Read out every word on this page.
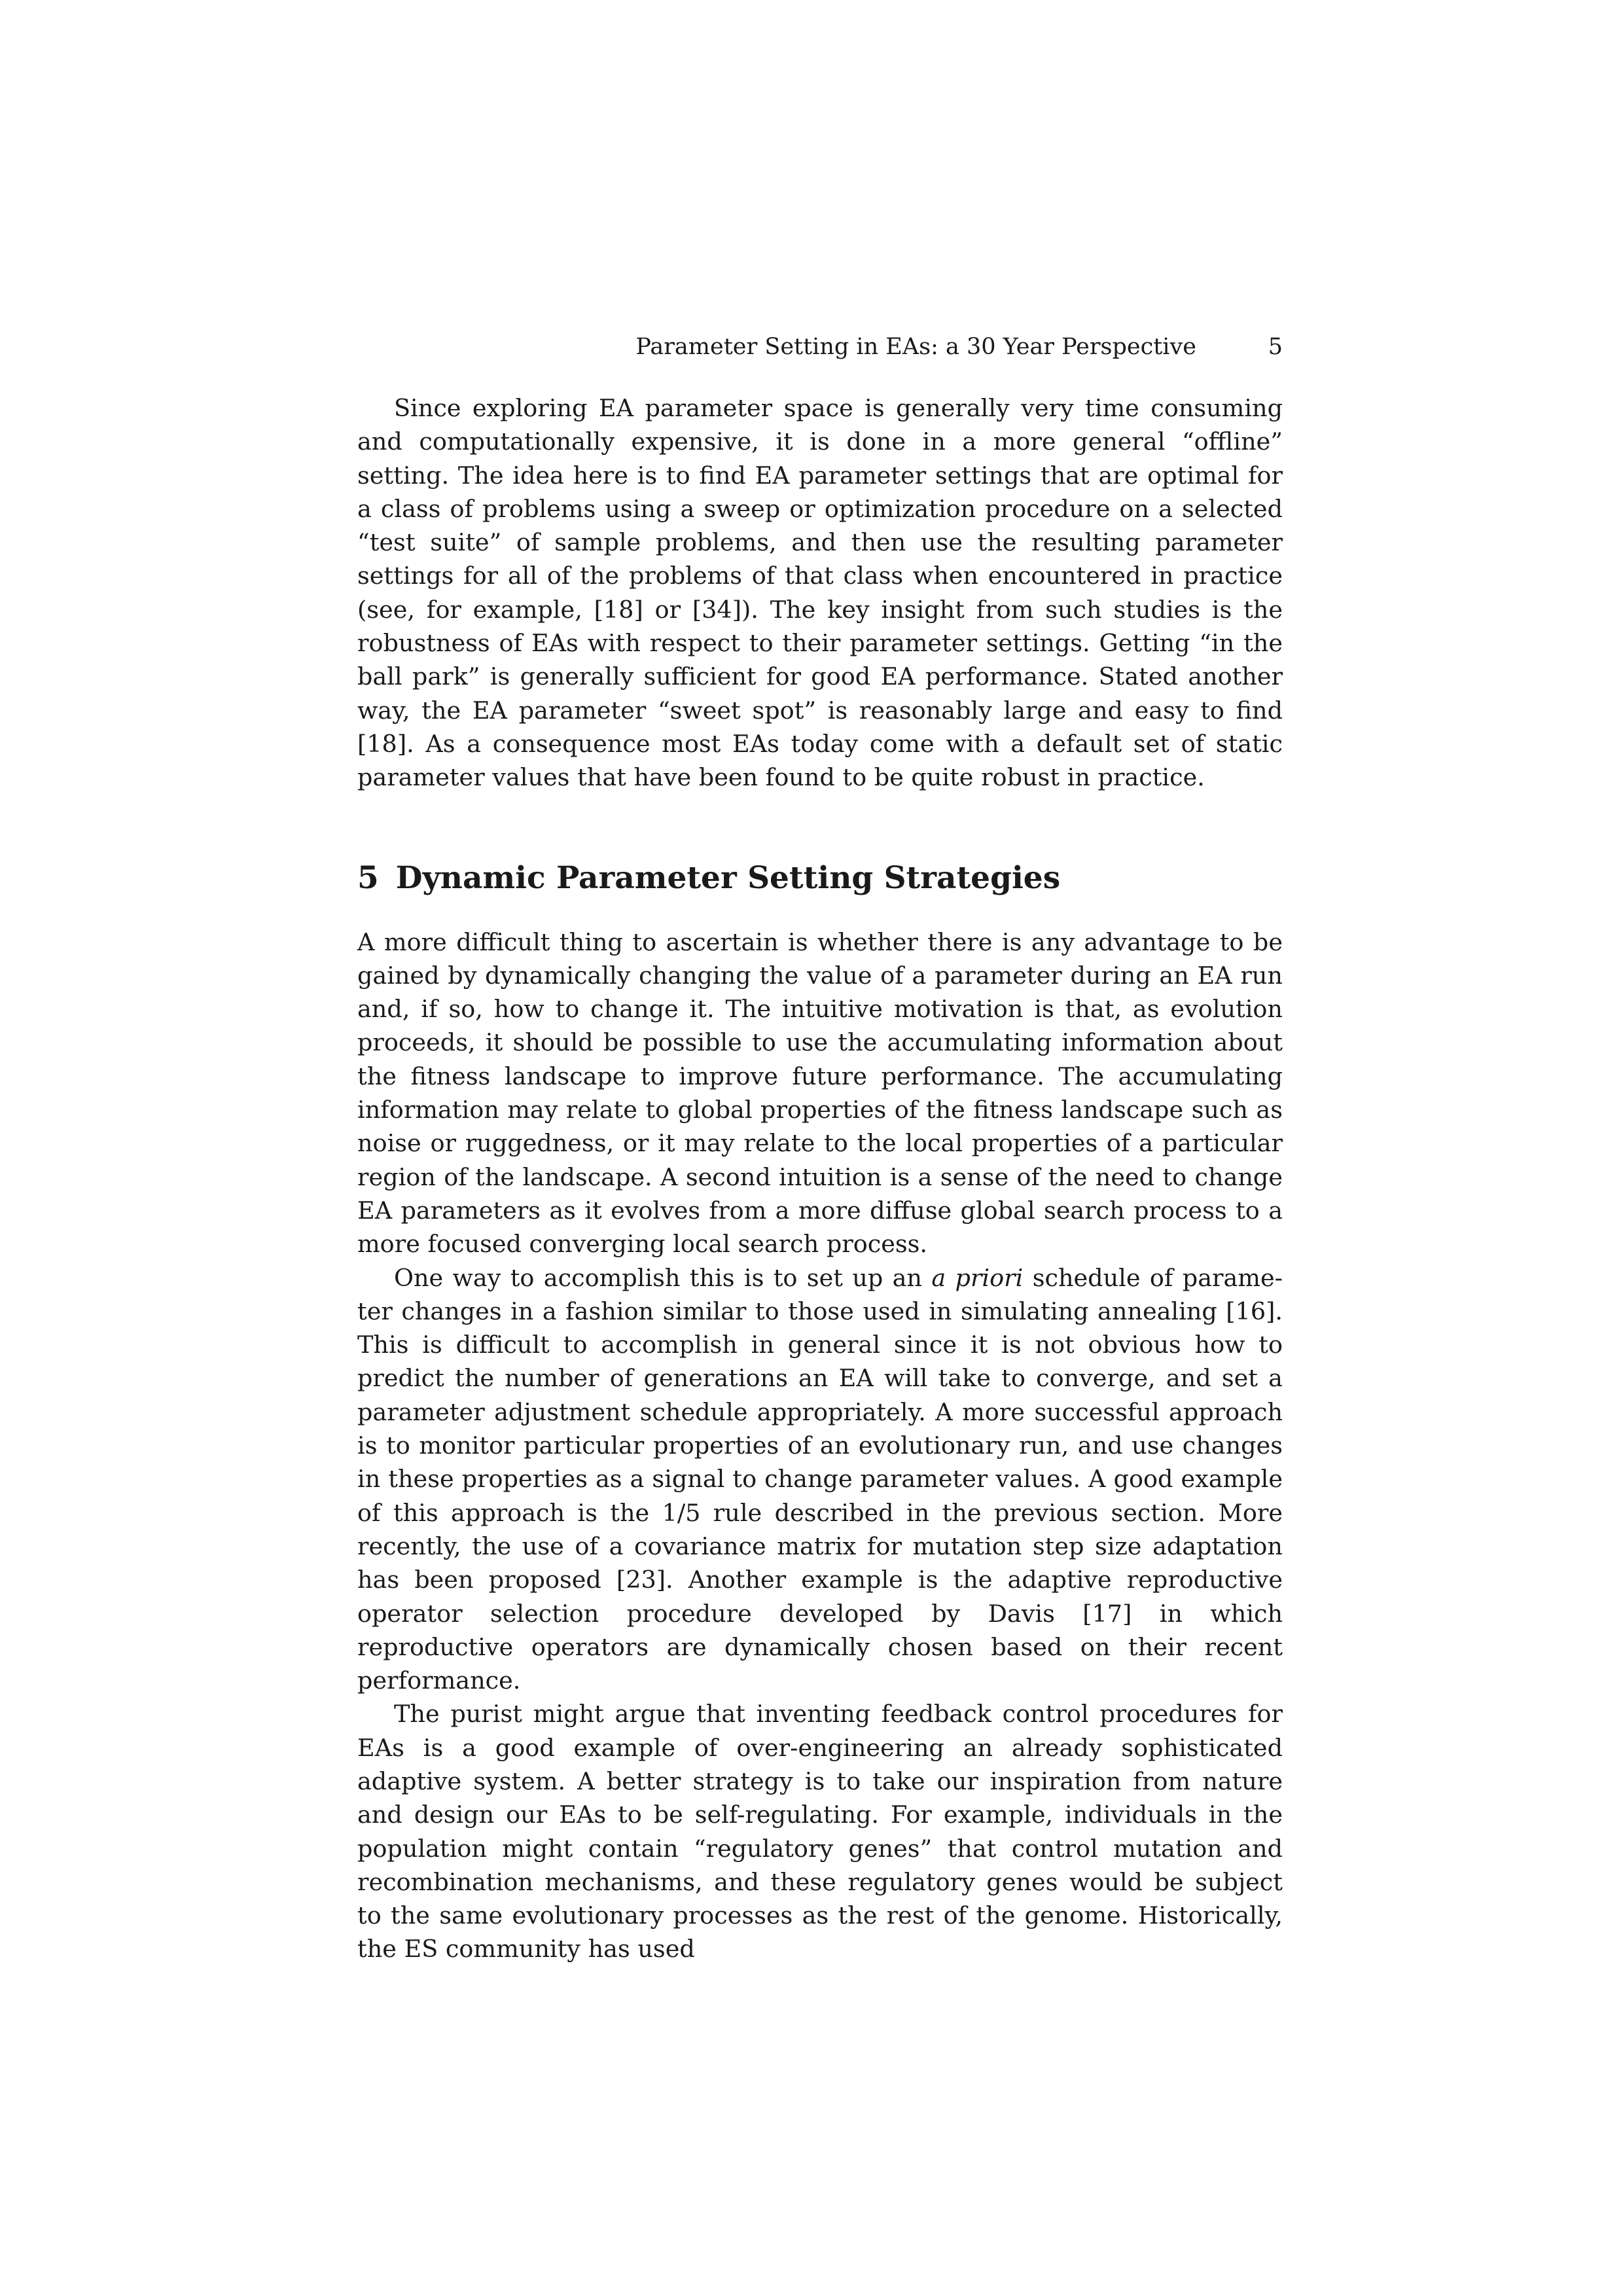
Parameter Setting in EAs: a 30 Year Perspective	5

Since exploring EA parameter space is generally very time consuming and computationally expensive, it is done in a more general “offline” setting. The idea here is to find EA parameter settings that are optimal for a class of problems using a sweep or optimization procedure on a selected “test suite” of sample problems, and then use the resulting parameter settings for all of the problems of that class when encountered in practice (see, for example, [18] or [34]). The key insight from such studies is the robustness of EAs with respect to their parameter settings. Getting “in the ball park” is generally sufficient for good EA performance. Stated another way, the EA parameter “sweet spot” is reasonably large and easy to find [18]. As a consequence most EAs today come with a default set of static parameter values that have been found to be quite robust in practice.

5 Dynamic Parameter Setting Strategies

A more difficult thing to ascertain is whether there is any advantage to be gained by dynamically changing the value of a parameter during an EA run and, if so, how to change it. The intuitive motivation is that, as evolution proceeds, it should be possible to use the accumulating information about the fitness landscape to improve future performance. The accumulating information may relate to global properties of the fitness landscape such as noise or ruggedness, or it may relate to the local properties of a particular region of the landscape. A second intuition is a sense of the need to change EA parameters as it evolves from a more diffuse global search process to a more focused converging local search process.

One way to accomplish this is to set up an a priori schedule of parameter changes in a fashion similar to those used in simulating annealing [16]. This is difficult to accomplish in general since it is not obvious how to predict the number of generations an EA will take to converge, and set a parameter adjustment schedule appropriately. A more successful approach is to monitor particular properties of an evolutionary run, and use changes in these properties as a signal to change parameter values. A good example of this approach is the 1/5 rule described in the previous section. More recently, the use of a covariance matrix for mutation step size adaptation has been proposed [23]. Another example is the adaptive reproductive operator selection procedure developed by Davis [17] in which reproductive operators are dynamically chosen based on their recent performance.

The purist might argue that inventing feedback control procedures for EAs is a good example of over-engineering an already sophisticated adaptive system. A better strategy is to take our inspiration from nature and design our EAs to be self-regulating. For example, individuals in the population might contain “regulatory genes” that control mutation and recombination mechanisms, and these regulatory genes would be subject to the same evolutionary processes as the rest of the genome. Historically, the ES community has used
